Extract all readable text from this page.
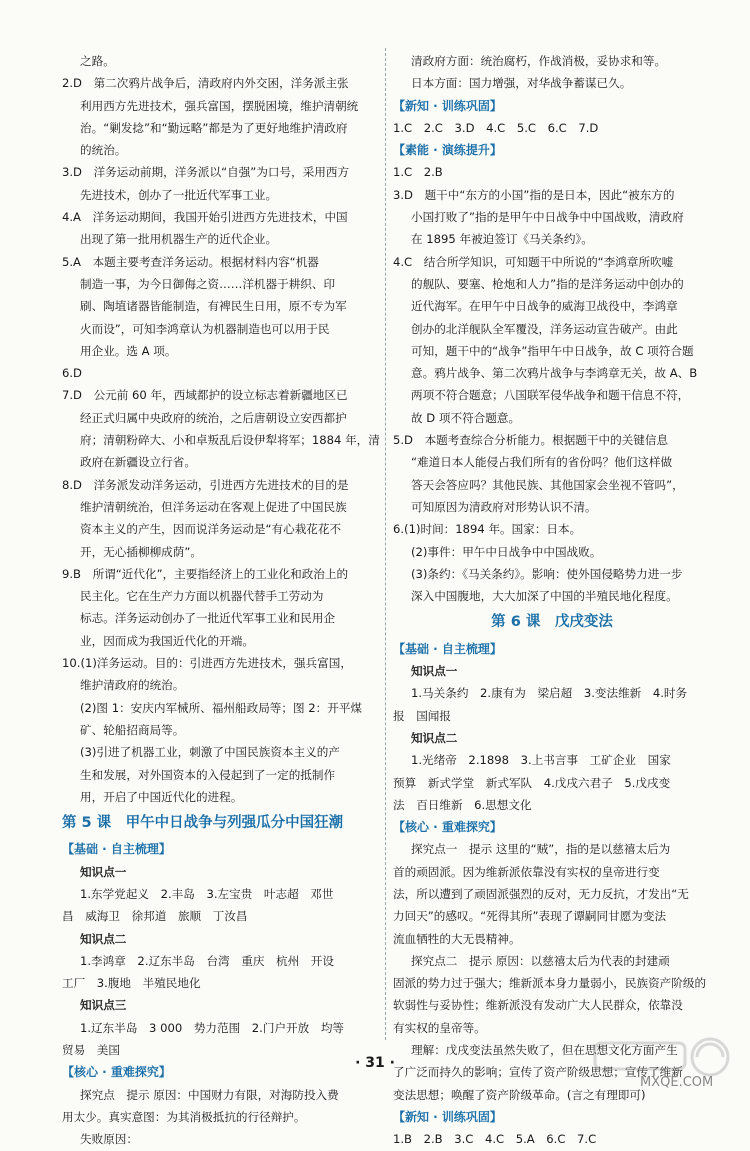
之路。

2.D　第二次鸦片战争后，清政府内外交困，洋务派主张

利用西方先进技术，强兵富国，摆脱困境，维护清朝统

治。“剿发捻”和“勤远略”都是为了更好地维护清政府

的统治。

3.D　洋务运动前期，洋务派以“自强”为口号，采用西方

先进技术，创办了一批近代军事工业。

4.A　洋务运动期间，我国开始引进西方先进技术，中国

出现了第一批用机器生产的近代企业。

5.A　本题主要考查洋务运动。根据材料内容“机器

制造一事，为今日御侮之资……洋机器于耕织、印

刷、陶埴诸器皆能制造，有裨民生日用，原不专为军

火而设”，可知李鸿章认为机器制造也可以用于民

用企业。选 A 项。

6.D

7.D　公元前 60 年，西域都护的设立标志着新疆地区已

经正式归属中央政府的统治，之后唐朝设立安西都护

府；清朝粉碎大、小和卓叛乱后设伊犁将军；1884 年，清

政府在新疆设立行省。

8.D　洋务派发动洋务运动，引进西方先进技术的目的是

维护清朝统治，但洋务运动在客观上促进了中国民族

资本主义的产生，因而说洋务运动是“有心栽花花不

开，无心插柳柳成荫”。

9.B　所谓“近代化”，主要指经济上的工业化和政治上的

民主化。它在生产力方面以机器代替手工劳动为

标志。洋务运动创办了一批近代军事工业和民用企

业，因而成为我国近代化的开端。

10.(1)洋务运动。目的：引进西方先进技术，强兵富国，

维护清政府的统治。

(2)图 1：安庆内军械所、福州船政局等；图 2：开平煤

矿、轮船招商局等。

(3)引进了机器工业，刺激了中国民族资本主义的产

生和发展，对外国资本的入侵起到了一定的抵制作

用，开启了中国近代化的进程。

第 5 课　甲午中日战争与列强瓜分中国狂潮
【基础 · 自主梳理】
知识点一

1.东学党起义　2.丰岛　3.左宝贵　叶志超　邓世

昌　威海卫　徐邦道　旅顺　丁汝昌

知识点二

1.李鸿章　2.辽东半岛　台湾　重庆　杭州　开设

工厂　3.腹地　半殖民地化

知识点三

1.辽东半岛　3 000　势力范围　2.门户开放　均等

贸易　美国

【核心 · 重难探究】

探究点　提示 原因：中国财力有限，对海防投入费

用太少。真实意图：为其消极抵抗的行径辩护。

失败原因：

清政府方面：统治腐朽，作战消极，妥协求和等。

日本方面：国力增强，对华战争蓄谋已久。

【新知 · 训练巩固】

1.C　2.C　3.D　4.C　5.C　6.C　7.D

【素能 · 演练提升】

1.C　2.B

3.D　题干中“东方的小国”指的是日本，因此“被东方的

小国打败了”指的是甲午中日战争中中国战败，清政府

在 1895 年被迫签订《马关条约》。

4.C　结合所学知识，可知题干中所说的“李鸿章所吹嘘

的舰队、要塞、枪炮和人力”指的是洋务运动中创办的

近代海军。在甲午中日战争的威海卫战役中，李鸿章

创办的北洋舰队全军覆没，洋务运动宣告破产。由此

可知，题干中的“战争”指甲午中日战争，故 C 项符合题

意。鸦片战争、第二次鸦片战争与李鸿章无关，故 A、B

两项不符合题意；八国联军侵华战争和题干信息不符，

故 D 项不符合题意。

5.D　本题考查综合分析能力。根据题干中的关键信息

“难道日本人能侵占我们所有的省份吗？他们这样做

答天会答应吗？其他民族、其他国家会坐视不管吗”，

可知原因为清政府对形势认识不清。

6.(1)时间：1894 年。国家：日本。

(2)事件：甲午中日战争中中国战败。

(3)条约：《马关条约》。影响：使外国侵略势力进一步

深入中国腹地，大大加深了中国的半殖民地化程度。

第 6 课　戊戌变法
【基础 · 自主梳理】
知识点一

1.马关条约　2.康有为　梁启超　3.变法维新　4.时务

报　国闻报

知识点二

1.光绪帝　2.1898　3.上书言事　工矿企业　国家

预算　新式学堂　新式军队　4.戊戌六君子　5.戊戌变

法　百日维新　6.思想文化

【核心 · 重难探究】

探究点一　提示 这里的“贼”，指的是以慈禧太后为

首的顽固派。因为维新派依靠没有实权的皇帝进行变

法，所以遭到了顽固派强烈的反对，无力反抗，才发出“无

力回天”的感叹。“死得其所”表现了谭嗣同甘愿为变法

流血牺牲的大无畏精神。

探究点二　提示 原因：以慈禧太后为代表的封建顽

固派的势力过于强大；维新派本身力量弱小，民族资产阶级的

软弱性与妥协性；维新派没有发动广大人民群众，依靠没

有实权的皇帝等。

理解：戊戌变法虽然失败了，但在思想文化方面产生

了广泛而持久的影响；宣传了资产阶级思想；宣传了维新

变法思想；唤醒了资产阶级革命。(言之有理即可)

【新知 · 训练巩固】

1.B　2.B　3.C　4.C　5.A　6.C　7.C

· 31 ·
MXQE.COM
